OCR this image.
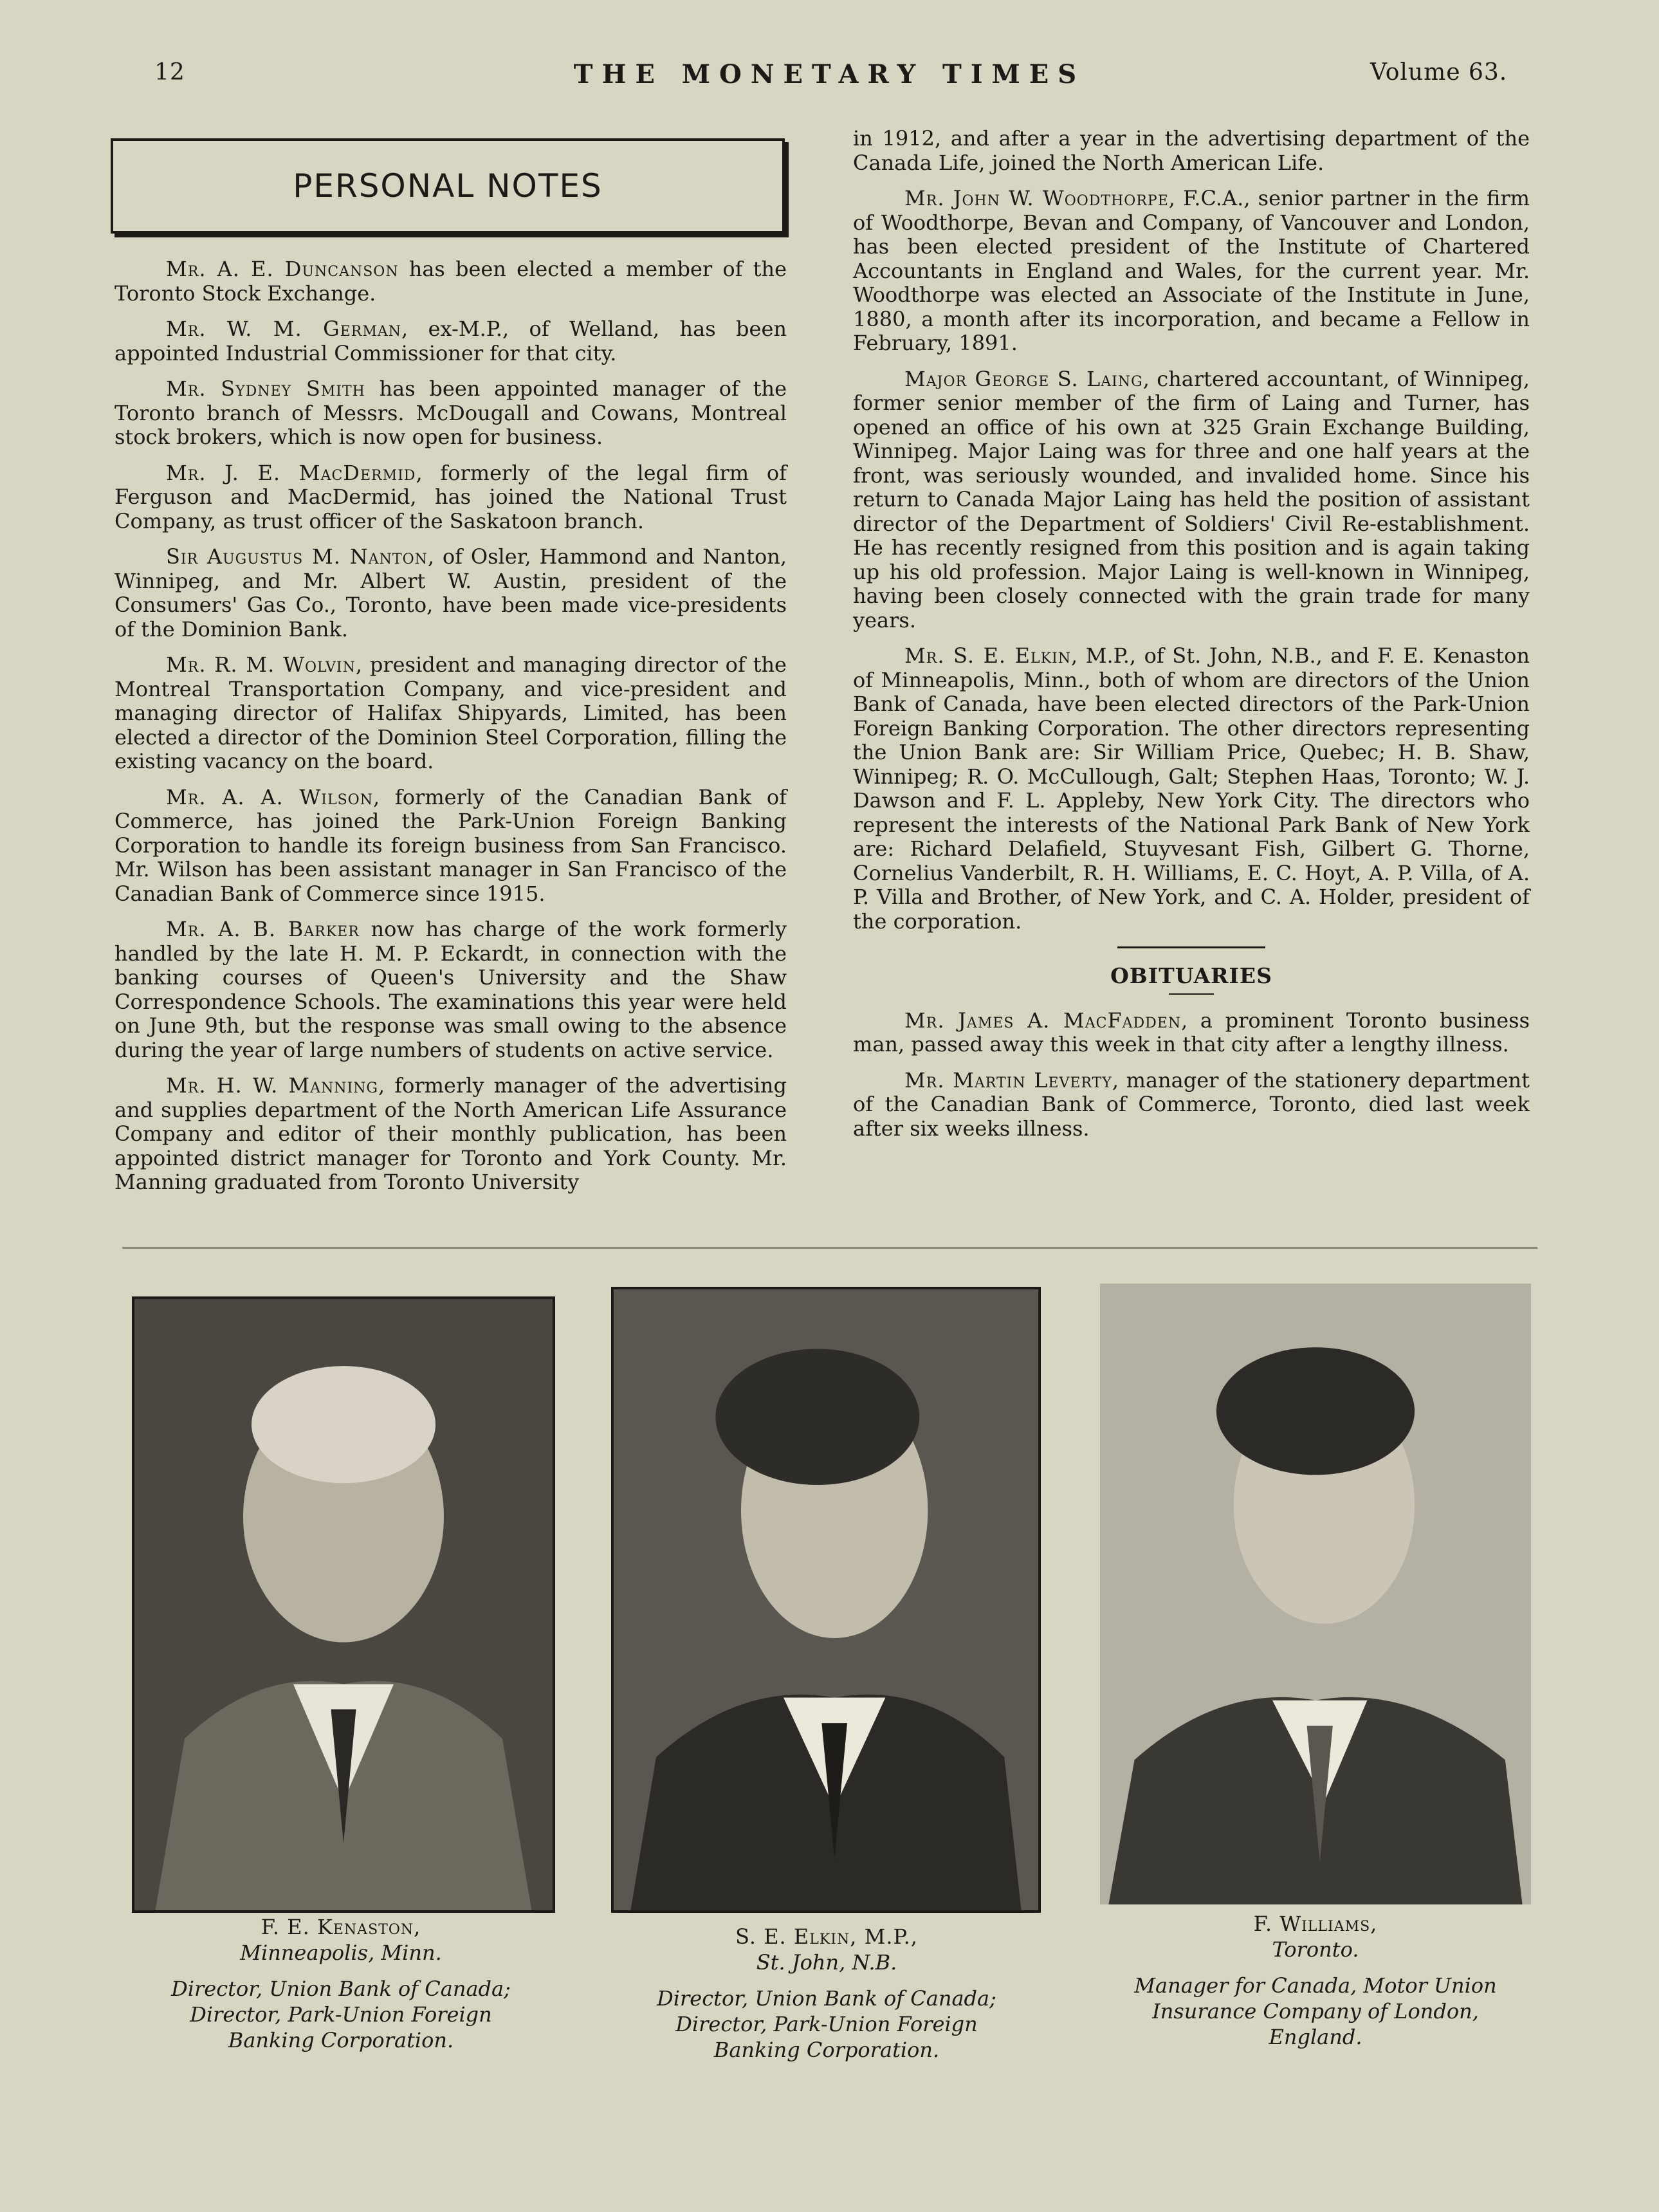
12	THE MONETARY TIMES	Volume 63.
PERSONAL NOTES

Mr. A. E. Duncanson has been elected a member of the Toronto Stock Exchange.

Mr. W. M. German, ex-M.P., of Welland, has been appointed Industrial Commissioner for that city.

Mr. Sydney Smith has been appointed manager of the Toronto branch of Messrs. McDougall and Cowans, Montreal stock brokers, which is now open for business.

Mr. J. E. MacDermid, formerly of the legal firm of Ferguson and MacDermid, has joined the National Trust Company, as trust officer of the Saskatoon branch.

Sir Augustus M. Nanton, of Osler, Hammond and Nanton, Winnipeg, and Mr. Albert W. Austin, president of the Consumers' Gas Co., Toronto, have been made vice-presidents of the Dominion Bank.

Mr. R. M. Wolvin, president and managing director of the Montreal Transportation Company, and vice-president and managing director of Halifax Shipyards, Limited, has been elected a director of the Dominion Steel Corporation, filling the existing vacancy on the board.

Mr. A. A. Wilson, formerly of the Canadian Bank of Commerce, has joined the Park-Union Foreign Banking Corporation to handle its foreign business from San Francisco. Mr. Wilson has been assistant manager in San Francisco of the Canadian Bank of Commerce since 1915.

Mr. A. B. Barker now has charge of the work formerly handled by the late H. M. P. Eckardt, in connection with the banking courses of Queen's University and the Shaw Correspondence Schools. The examinations this year were held on June 9th, but the response was small owing to the absence during the year of large numbers of students on active service.

Mr. H. W. Manning, formerly manager of the advertising and supplies department of the North American Life Assurance Company and editor of their monthly publication, has been appointed district manager for Toronto and York County. Mr. Manning graduated from Toronto University

in 1912, and after a year in the advertising department of the Canada Life, joined the North American Life.

Mr. John W. Woodthorpe, F.C.A., senior partner in the firm of Woodthorpe, Bevan and Company, of Vancouver and London, has been elected president of the Institute of Chartered Accountants in England and Wales, for the current year. Mr. Woodthorpe was elected an Associate of the Institute in June, 1880, a month after its incorporation, and became a Fellow in February, 1891.

Major George S. Laing, chartered accountant, of Winnipeg, former senior member of the firm of Laing and Turner, has opened an office of his own at 325 Grain Exchange Building, Winnipeg. Major Laing was for three and one half years at the front, was seriously wounded, and invalided home. Since his return to Canada Major Laing has held the position of assistant director of the Department of Soldiers' Civil Re-establishment. He has recently resigned from this position and is again taking up his old profession. Major Laing is well-known in Winnipeg, having been closely connected with the grain trade for many years.

Mr. S. E. Elkin, M.P., of St. John, N.B., and F. E. Kenaston of Minneapolis, Minn., both of whom are directors of the Union Bank of Canada, have been elected directors of the Park-Union Foreign Banking Corporation. The other directors representing the Union Bank are: Sir William Price, Quebec; H. B. Shaw, Winnipeg; R. O. McCullough, Galt; Stephen Haas, Toronto; W. J. Dawson and F. L. Appleby, New York City. The directors who represent the interests of the National Park Bank of New York are: Richard Delafield, Stuyvesant Fish, Gilbert G. Thorne, Cornelius Vanderbilt, R. H. Williams, E. C. Hoyt, A. P. Villa, of A. P. Villa and Brother, of New York, and C. A. Holder, president of the corporation.

OBITUARIES

Mr. James A. MacFadden, a prominent Toronto business man, passed away this week in that city after a lengthy illness.

Mr. Martin Leverty, manager of the stationery department of the Canadian Bank of Commerce, Toronto, died last week after six weeks illness.

F. E. Kenaston,
Minneapolis, Minn.
Director, Union Bank of Canada;
Director, Park-Union Foreign
Banking Corporation.
S. E. Elkin, M.P.,
St. John, N.B.
Director, Union Bank of Canada;
Director, Park-Union Foreign
Banking Corporation.
F. Williams,
Toronto.
Manager for Canada, Motor Union
Insurance Company of London,
England.
